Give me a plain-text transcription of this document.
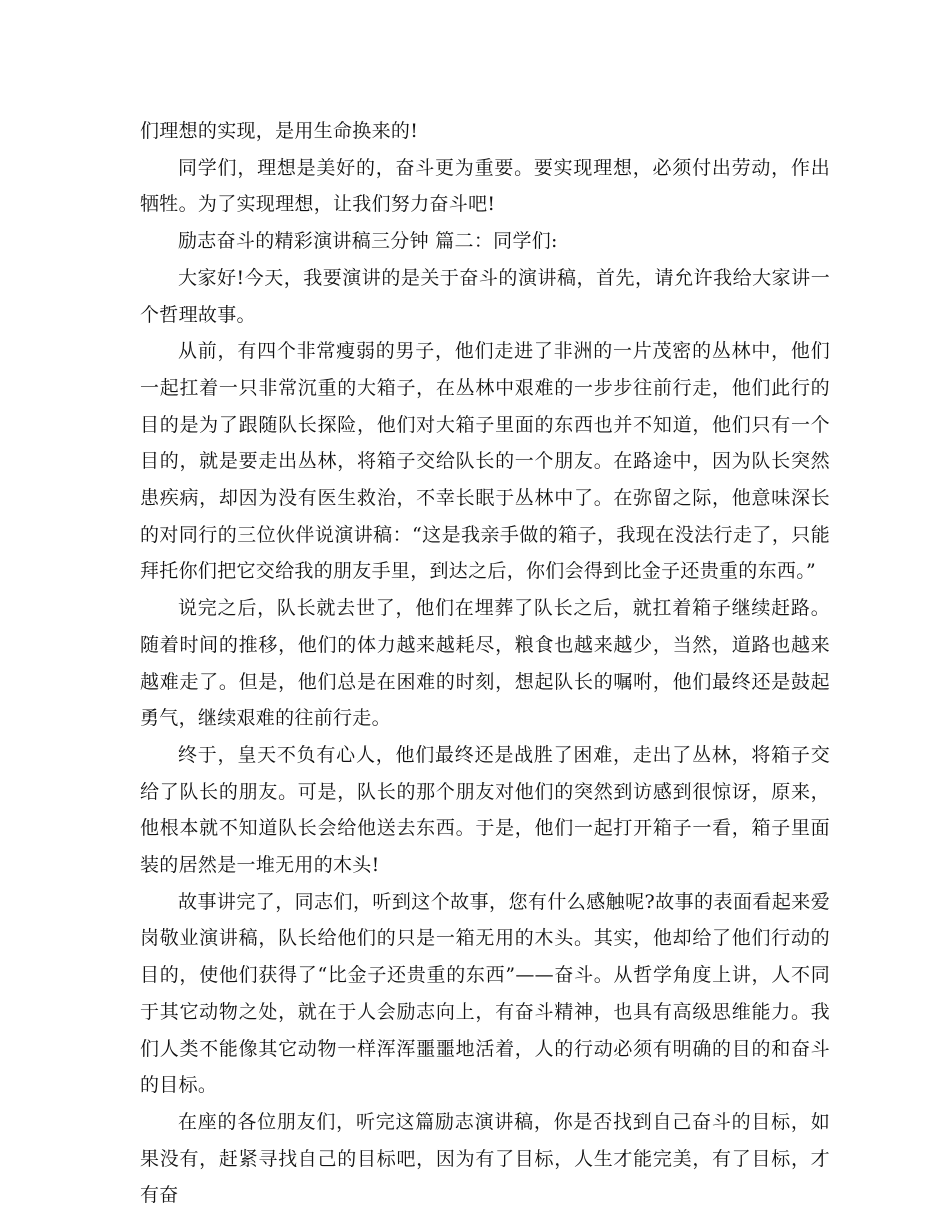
们理想的实现，是用生命换来的!

同学们，理想是美好的，奋斗更为重要。要实现理想，必须付出劳动，作出牺牲。为了实现理想，让我们努力奋斗吧!

励志奋斗的精彩演讲稿三分钟 篇二：同学们:

大家好!今天，我要演讲的是关于奋斗的演讲稿，首先，请允许我给大家讲一个哲理故事。

从前，有四个非常瘦弱的男子，他们走进了非洲的一片茂密的丛林中，他们一起扛着一只非常沉重的大箱子，在丛林中艰难的一步步往前行走，他们此行的目的是为了跟随队长探险，他们对大箱子里面的东西也并不知道，他们只有一个目的，就是要走出丛林，将箱子交给队长的一个朋友。在路途中，因为队长突然患疾病，却因为没有医生救治，不幸长眠于丛林中了。在弥留之际，他意味深长的对同行的三位伙伴说演讲稿：“这是我亲手做的箱子，我现在没法行走了，只能拜托你们把它交给我的朋友手里，到达之后，你们会得到比金子还贵重的东西。”

说完之后，队长就去世了，他们在埋葬了队长之后，就扛着箱子继续赶路。随着时间的推移，他们的体力越来越耗尽，粮食也越来越少，当然，道路也越来越难走了。但是，他们总是在困难的时刻，想起队长的嘱咐，他们最终还是鼓起勇气，继续艰难的往前行走。

终于，皇天不负有心人，他们最终还是战胜了困难，走出了丛林，将箱子交给了队长的朋友。可是，队长的那个朋友对他们的突然到访感到很惊讶，原来，他根本就不知道队长会给他送去东西。于是，他们一起打开箱子一看，箱子里面装的居然是一堆无用的木头!

故事讲完了，同志们，听到这个故事，您有什么感触呢?故事的表面看起来爱岗敬业演讲稿，队长给他们的只是一箱无用的木头。其实，他却给了他们行动的目的，使他们获得了“比金子还贵重的东西”——奋斗。从哲学角度上讲，人不同于其它动物之处，就在于人会励志向上，有奋斗精神，也具有高级思维能力。我们人类不能像其它动物一样浑浑噩噩地活着，人的行动必须有明确的目的和奋斗的目标。

在座的各位朋友们，听完这篇励志演讲稿，你是否找到自己奋斗的目标，如果没有，赶紧寻找自己的目标吧，因为有了目标，人生才能完美，有了目标，才有奋
